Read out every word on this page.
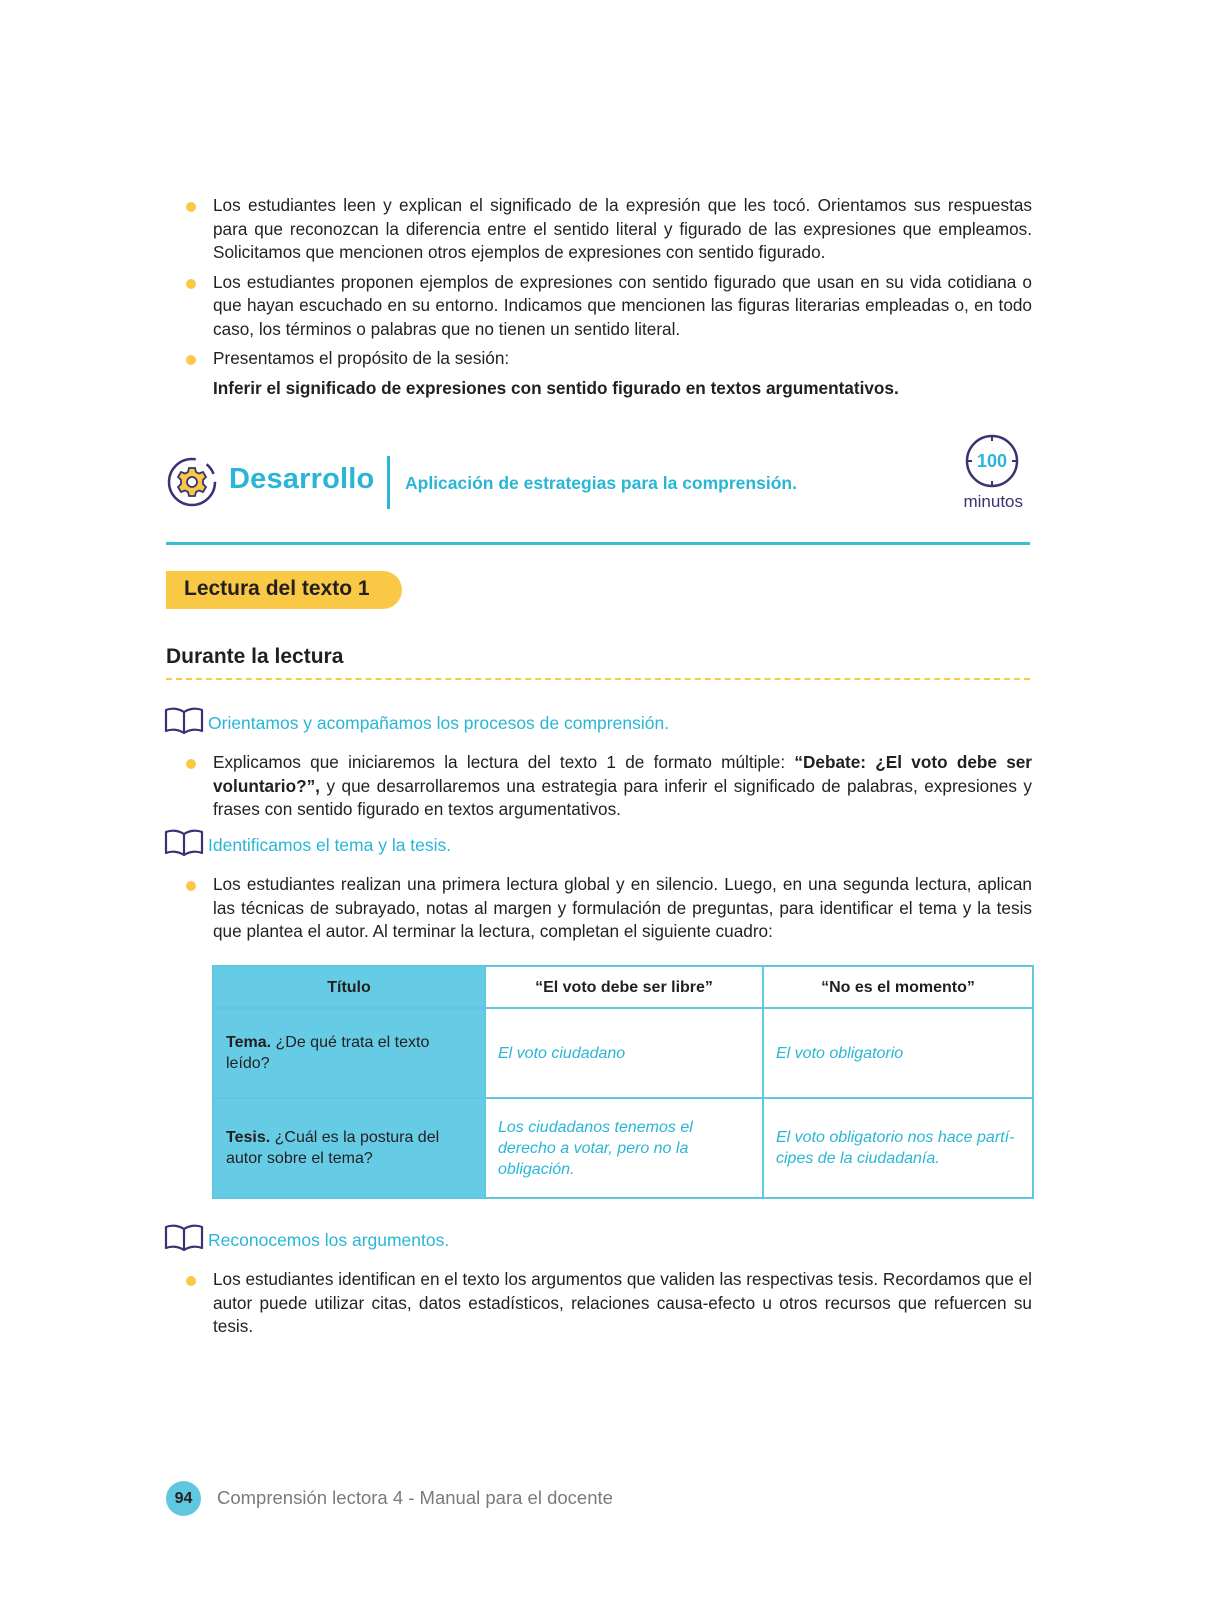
Los estudiantes leen y explican el significado de la expresión que les tocó. Orientamos sus respuestas para que reconozcan la diferencia entre el sentido literal y figurado de las expresiones que empleamos. Solicitamos que mencionen otros ejemplos de expresiones con sentido figurado.
Los estudiantes proponen ejemplos de expresiones con sentido figurado que usan en su vida cotidiana o que hayan escuchado en su entorno. Indicamos que mencionen las figuras literarias empleadas o, en todo caso, los términos o palabras que no tienen un sentido literal.
Presentamos el propósito de la sesión:
Inferir el significado de expresiones con sentido figurado en textos argumentativos.
Desarrollo Aplicación de estrategias para la comprensión.
100
minutos
Lectura del texto 1
Durante la lectura
Orientamos y acompañamos los procesos de comprensión.
Explicamos que iniciaremos la lectura del texto 1 de formato múltiple: “Debate: ¿El voto debe ser voluntario?”, y que desarrollaremos una estrategia para inferir el significado de palabras, expresiones y frases con sentido figurado en textos argumentativos.
Identificamos el tema y la tesis.
Los estudiantes realizan una primera lectura global y en silencio. Luego, en una segunda lectura, aplican las técnicas de subrayado, notas al margen y formulación de preguntas, para identificar el tema y la tesis que plantea el autor. Al terminar la lectura, completan el siguiente cuadro:
Título	“El voto debe ser libre”	“No es el momento”
Tema. ¿De qué trata el texto leído?	El voto ciudadano	El voto obligatorio
Tesis. ¿Cuál es la postura del autor sobre el tema?	Los ciudadanos tenemos el derecho a votar, pero no la obligación.	El voto obligatorio nos hace partí-cipes de la ciudadanía.
Reconocemos los argumentos.
Los estudiantes identifican en el texto los argumentos que validen las respectivas tesis. Recordamos que el autor puede utilizar citas, datos estadísticos, relaciones causa-efecto u otros recursos que refuercen su tesis.
94	Comprensión lectora 4 - Manual para el docente
